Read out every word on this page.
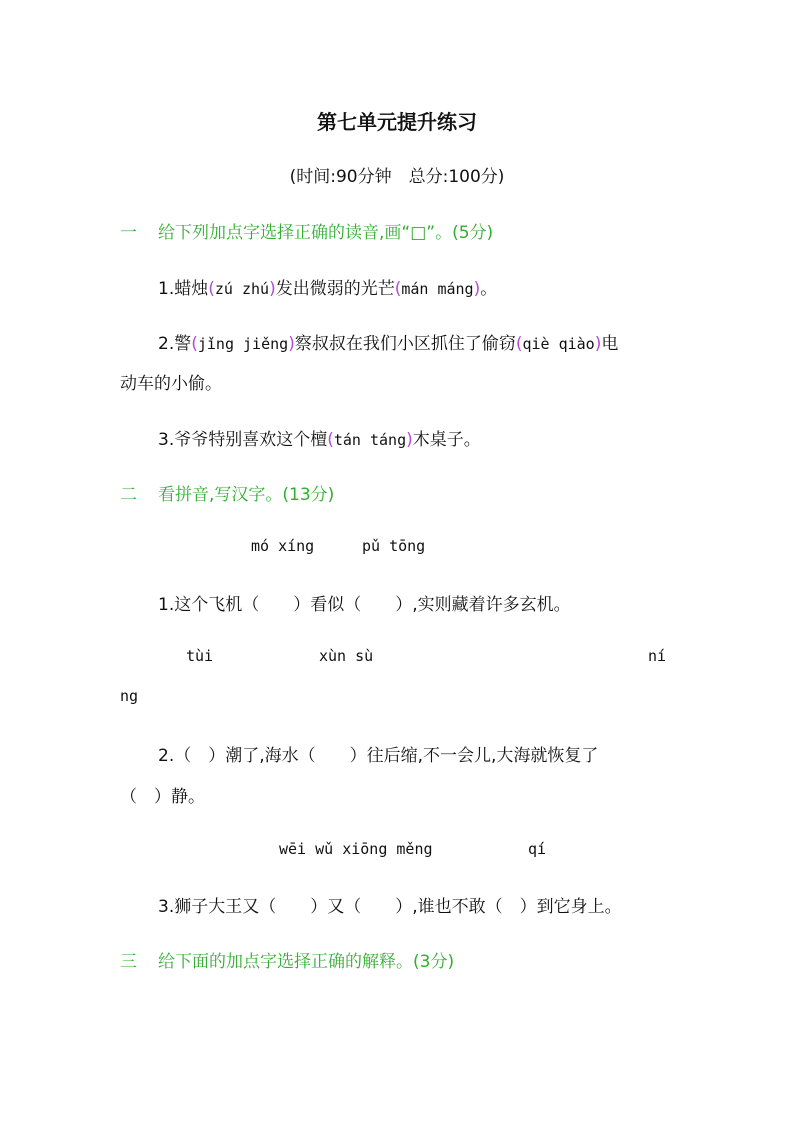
第七单元提升练习
(时间:90分钟　总分:100分)
一 给下列加点字选择正确的读音,画“□”。(5分)
1.蜡烛(zú zhú)发出微弱的光芒(mán máng)。
2.警(jǐng jiěng)察叔叔在我们小区抓住了偷窃(qiè qiào)电
动车的小偷。
3.爷爷特别喜欢这个檀(tán táng)木桌子。
二 看拼音,写汉字。(13分)
mó xíng	pǔ tōng
1.这个飞机（　　）看似（　　）,实则藏着许多玄机。
tùi	xùn sù	ní
ng
2.（　）潮了,海水（　　）往后缩,不一会儿,大海就恢复了
（　）静。
wēi wǔ xiōng měng	qí
3.狮子大王又（　　）又（　　）,谁也不敢（　）到它身上。
三 给下面的加点字选择正确的解释。(3分)
